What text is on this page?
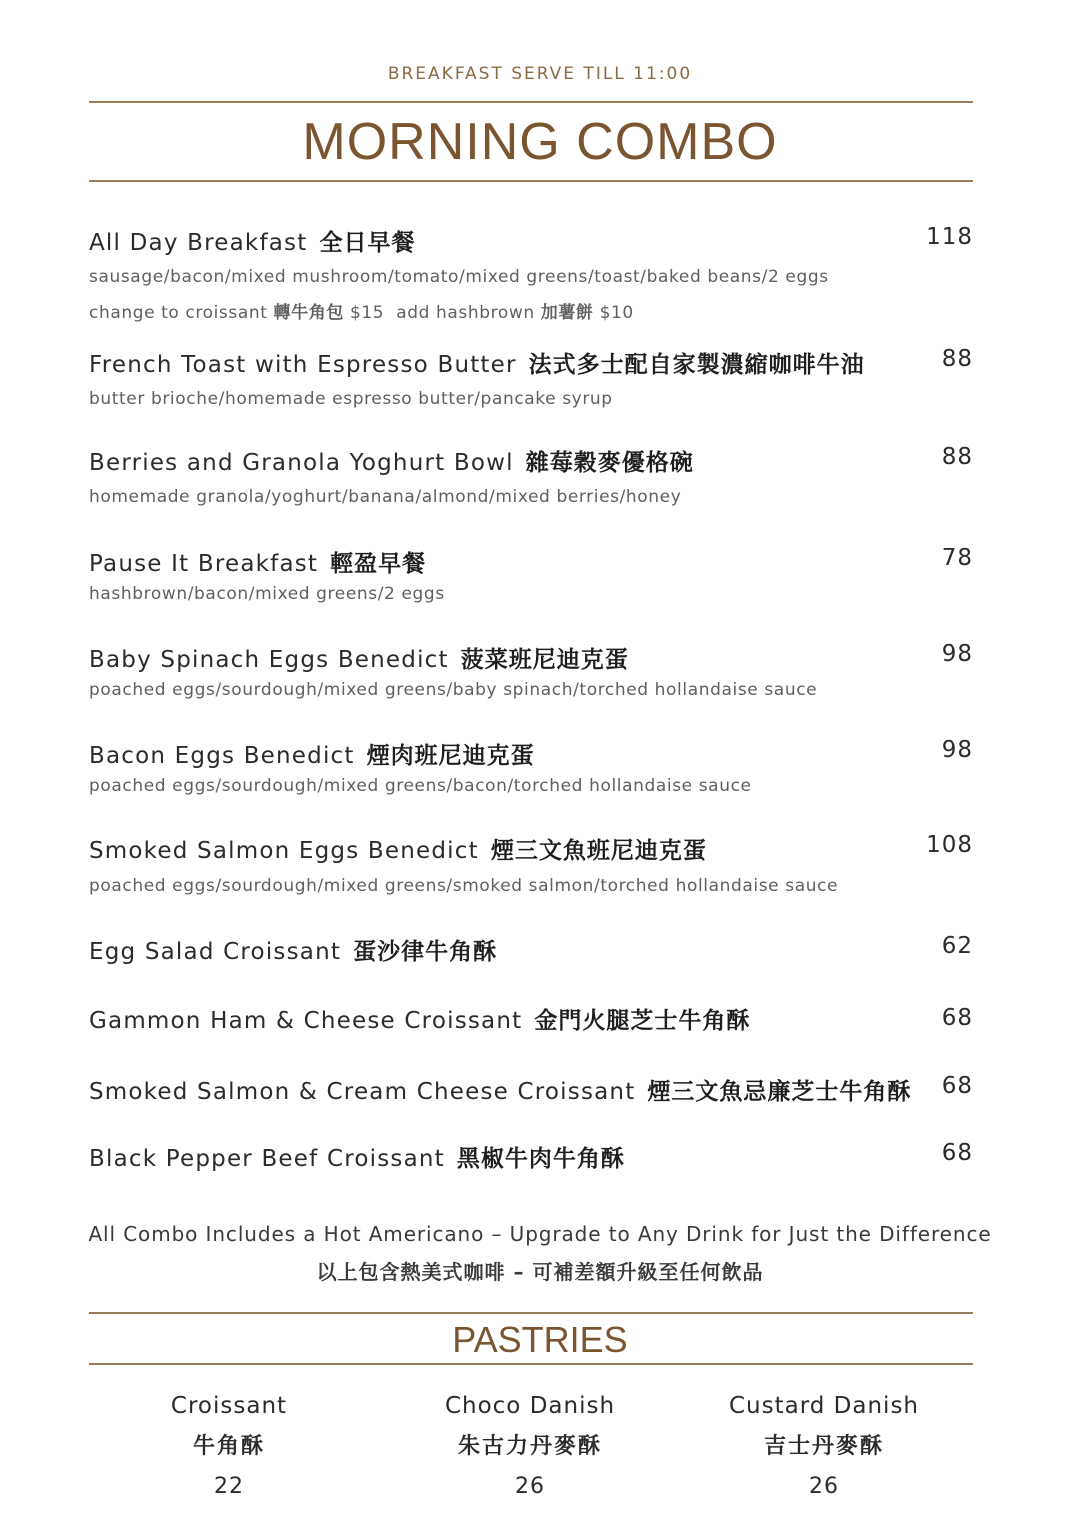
BREAKFAST SERVE TILL 11:00
MORNING COMBO
All Day Breakfast 全日早餐	118
sausage/bacon/mixed mushroom/tomato/mixed greens/toast/baked beans/2 eggs
change to croissant 轉牛角包 $15 add hashbrown 加薯餅 $10
French Toast with Espresso Butter 法式多士配自家製濃縮咖啡牛油	88
butter brioche/homemade espresso butter/pancake syrup
Berries and Granola Yoghurt Bowl 雜莓穀麥優格碗	88
homemade granola/yoghurt/banana/almond/mixed berries/honey
Pause It Breakfast 輕盈早餐	78
hashbrown/bacon/mixed greens/2 eggs
Baby Spinach Eggs Benedict 菠菜班尼迪克蛋	98
poached eggs/sourdough/mixed greens/baby spinach/torched hollandaise sauce
Bacon Eggs Benedict 煙肉班尼迪克蛋	98
poached eggs/sourdough/mixed greens/bacon/torched hollandaise sauce
Smoked Salmon Eggs Benedict 煙三文魚班尼迪克蛋	108
poached eggs/sourdough/mixed greens/smoked salmon/torched hollandaise sauce
Egg Salad Croissant 蛋沙律牛角酥	62
Gammon Ham & Cheese Croissant 金門火腿芝士牛角酥	68
Smoked Salmon & Cream Cheese Croissant 煙三文魚忌廉芝士牛角酥	68
Black Pepper Beef Croissant 黑椒牛肉牛角酥	68
All Combo Includes a Hot Americano – Upgrade to Any Drink for Just the Difference
以上包含熱美式咖啡 – 可補差額升級至任何飲品
PASTRIES
Croissant
牛角酥
22
Choco Danish
朱古力丹麥酥
26
Custard Danish
吉士丹麥酥
26
